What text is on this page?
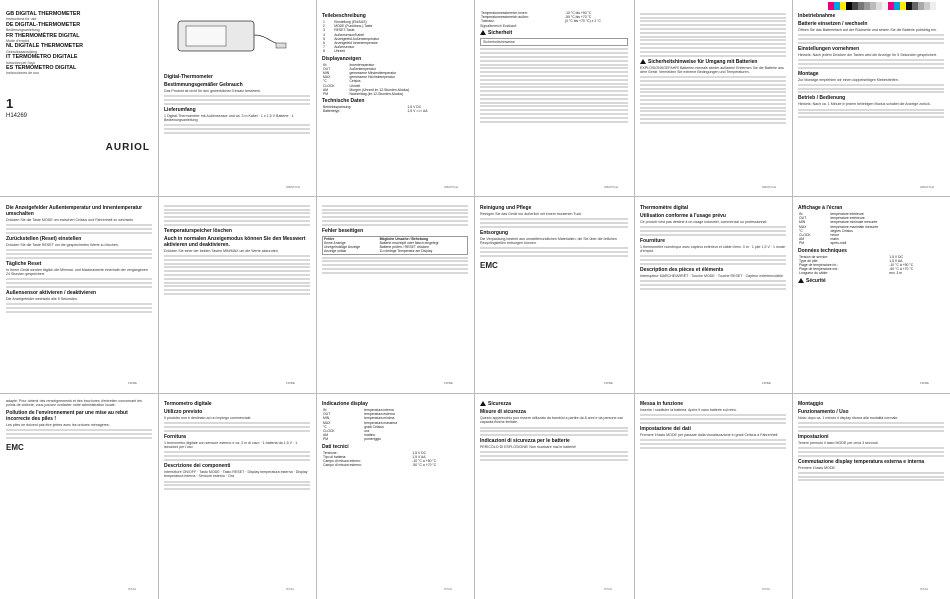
GB DIGITAL THERMOMETER
Instructions for use
DE DIGITAL-THERMOMETER
Bedienungsanleitung
FR THERMOMÈTRE DIGITAL
Mode d'emploi
NL DIGITALE THERMOMETER
Gebruiksaanwijzing
IT TERMOMETRO DIGITALE
Istruzioni per l'uso
ES TERMÓMETRO DIGITAL
Instrucciones de uso
1
H14269
AURIOL
Digital-Thermometer
Bestimmungsgemäßer Gebrauch
Das Produkt ist nicht für den gewerblichen Einsatz bestimmt.
Lieferumfang
1 Digital-Thermometer mit Außensensor und ca. 3 m Kabel · 1 x 1,5 V Batterie · 1 Bedienungsanleitung
Teilebeschreibung
1	Einstellung (EN/AUS)
2	MODE (Funktions-) Taste
3	RESET-Taste
4	Außensensor/Kabel
5	Anzeigefeld Außentemperatur
6	Anzeigefeld Innentemperatur
7	Außensensor
8	Uhrzeit
Displayanzeigen
IN	Innentemperatur
OUT	Außentemperatur
MIN	gemessene Mindesttemperatur
MAX	gemessene Höchsttemperatur
°C	Celsius
CLOCK	Uhrzeit
AM	Morgen (Uhrzeit im 12-Stunden-Modus)
PM	Nachmittag (im 12-Stunden-Modus)
Technische Daten
Betriebsspannung:	1,5 V DC
Batterietyp:	1,5 V === AA
Temperaturmessbereich innen:	-10 °C bis +50 °C
Temperaturmessbereich außen:	-50 °C bis +70 °C
Toleranz:	(0 °C bis +70 °C) ± 2 °C
Signalbereich Erstkauf:
Sicherheit
Sicherheitshinweise
Sicherheitshinweise für Umgang mit Batterien
EXPLOSIONSGEFAHR! Batterien niemals wieder aufladen! Entfernen Sie die Batterie aus dem Gerät. Vermeiden Sie extreme Bedingungen und Temperaturen.
Inbetriebnahme
Batterie einsetzen / wechseln
Öffnen Sie das Batteriefach auf der Rückseite und setzen Sie die Batterie polrichtig ein.
Einstellungen vornehmen
Hinweis: Nach jedem Drücken der Tasten wird die Anzeige für 5 Sekunden gespeichert.
Montage
Zur Montage empfehlen wir einen doppelseitigen Klebestreifen.
Betrieb / Bedienung
Hinweis: Nach ca. 1 Minute in jedem beliebigen Modus schaltet die Anzeige zurück.
Die Anzeigefelder Außentemperatur und Innentemperatur umschalten
Drücken Sie die Taste MODE um zwischen Celsius und Fahrenheit zu wechseln.
Zurückstellen (Reset) einstellen
Drücken Sie die Taste RESET um die gespeicherten Werte zu löschen.
Tägliche Reset
In Ihrem Gerät werden täglich die Minimal- und Maximalwerte innerhalb der vergangenen 24 Stunden gespeichert.
Außensensor aktivieren / deaktivieren
Die Anzeigefelder wechseln alle 5 Sekunden.
Temperaturspeicher löschen
Auch in normalen Anzeigemodus können Sie den Messwert aktivieren und deaktivieren.
Drücken Sie einer der beiden Tasten MIN/MAX um die Werte abzurufen.
Fehler beseitigen
Fehler	Mögliche Ursache / Behebung
Keine Anzeige	Batterie erschöpft oder falsch eingelegt
Unregelmäßige Anzeige	Batterie prüfen / RESET drücken
Anzeige unklar	Zu niedrige Temperatur am Display
Reinigung und Pflege
Reinigen Sie das Gerät nur äußerlich mit einem trockenen Tuch.
Entsorgung
Die Verpackung besteht aus umweltfreundlichen Materialien, die Sie über die örtlichen Recyclingstellen entsorgen können.
EMC
Thermomètre digital
Utilisation conforme à l'usage prévu
Ce produit n'est pas destiné à un usage industriel, commercial ou professionnel.
Fourniture
1 thermomètre numérique avec capteur extérieur et câble d'env. 3 m · 1 pile 1,5 V · 1 mode d'emploi
Description des pièces et éléments
Interrupteur MARCHE/ARRÊT · Touche MODE · Touche RESET · Capteur extérieur/câble
Affichage à l'écran
IN	température intérieure
OUT	température extérieure
MIN	température minimale mesurée
MAX	température maximale mesurée
°C	degrés Celsius
CLOCK	heure
AM	matin
PM	après-midi
Données techniques
Tension de service:	1,5 V DC
Type de pile:	1,5 V AA
Plage de température int.:	-10 °C à +50 °C
Plage de température ext.:	-50 °C à +70 °C
Longueur du câble:	env. 3 m
Sécurité
adapté. Pour obtenir des renseignements et des brochures d'entretien concernant les points de collecte, vous pouvez contacter notre administration locale.
Pollution de l'environnement par une mise au rebut incorrecte des piles !
Les piles ne doivent pas être jetées avec les ordures ménagères.
EMC
Termometro digitale
Utilizzo previsto
Il prodotto non è destinato ad un impiego commerciale.
Fornitura
1 termometro digitale con sensore esterno e ca. 3 m di cavo · 1 batteria da 1,5 V · 1 istruzioni per l'uso
Descrizione dei componenti
Interruttore ON/OFF · Tasto MODE · Tasto RESET · Display temperatura esterna · Display temperatura interna · Sensore esterno · Ora
Indicazione display
IN	temperatura interna
OUT	temperatura esterna
MIN	temperatura minima
MAX	temperatura massima
°C	gradi Celsius
CLOCK	ora
AM	mattino
PM	pomeriggio
Dati tecnici
Tensione:	1,5 V DC
Tipo di batteria:	1,5 V AA
Campo di misura interno:	-10 °C a +50 °C
Campo di misura esterno:	-50 °C a +70 °C
Sicurezza
Misure di sicurezza
Questo apparecchio può essere utilizzato da bambini a partire da 8 anni e da persone con capacità fisiche limitate.
Indicazioni di sicurezza per le batterie
PERICOLO DI ESPLOSIONE! Non ricaricare mai le batterie!
Messa in funzione
Inserire / sostituire la batteria. Aprire il vano batterie sul retro.
Impostazione dei dati
Premere il tasto MODE per passare dalla visualizzazione in gradi Celsius a Fahrenheit.
Montaggio
Funzionamento / Uso
Nota: dopo ca. 1 minuto il display ritorna alla modalità normale.
Impostazioni
Tenere premuto il tasto MODE per circa 3 secondi.
Commutazione display temperatura esterna e interna
Premere il tasto MODE.
GB/AT/CH	GB/AT/CH	GB/AT/CH	GB/AT/CH	GB/AT/CH
FR/BE	FR/BE	FR/BE	FR/BE	FR/BE	FR/BE
IT/CH	IT/CH	IT/CH	IT/CH	IT/CH	IT/CH
